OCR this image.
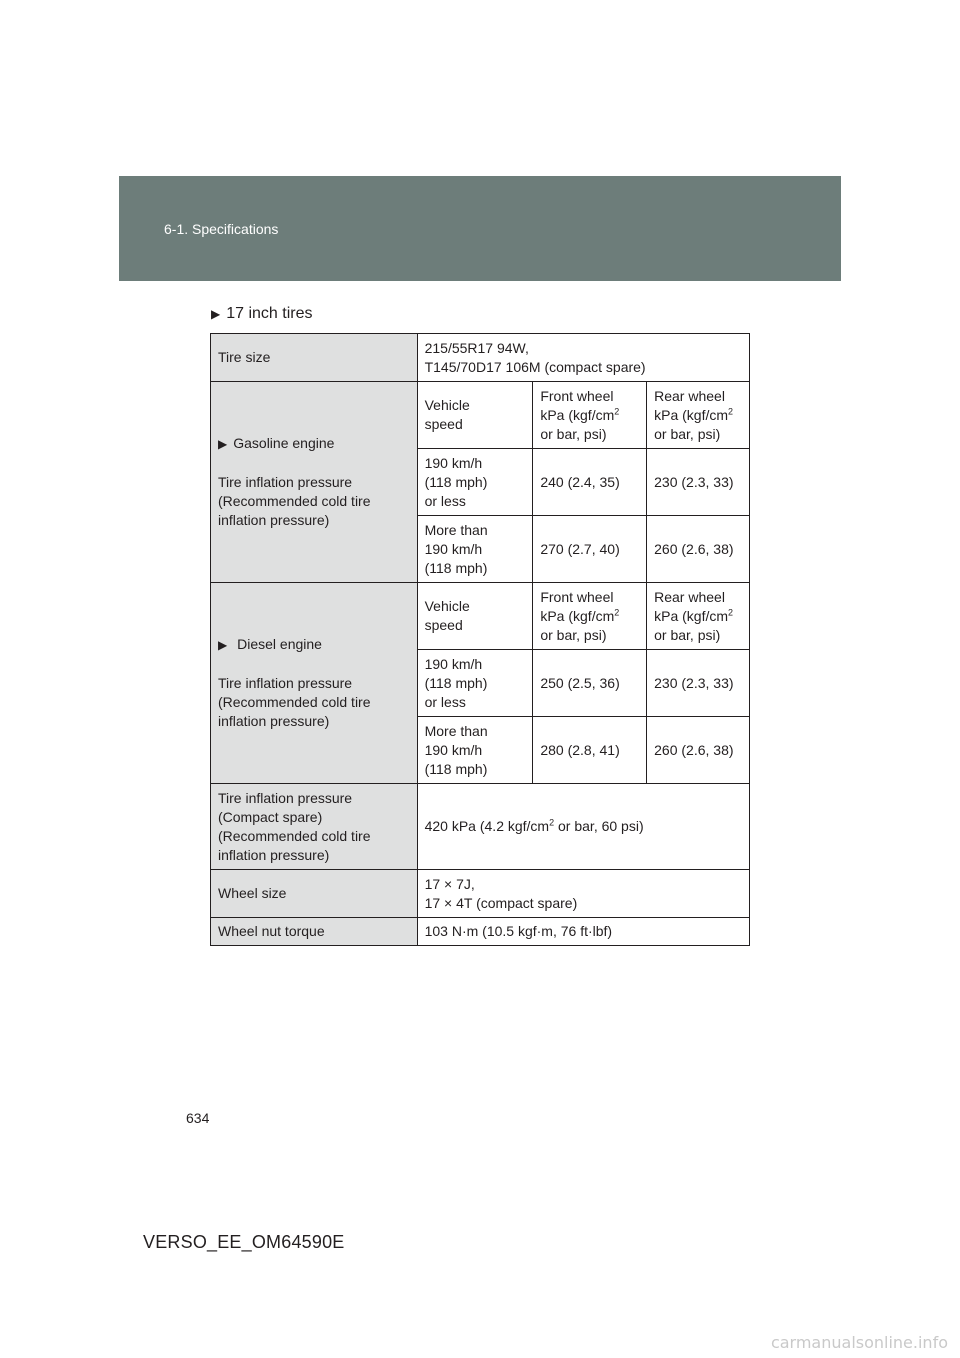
6-1. Specifications
▶ 17 inch tires
Tire size	215/55R17 94W,
T145/70D17 106M (compact spare)		

▶ Gasoline engine
Tire inflation pressure
(Recommended cold tire
inflation pressure)	Vehicle
speed	Front wheel
kPa ($kgf/cm^2$
or bar, psi)	Rear wheel
kPa ($kgf/cm^2$
or bar, psi)

	190 km/h
(118 mph)
or less	240 (2.4, 35)	230 (2.3, 33)

	More than
190 km/h
(118 mph)	270 (2.7, 40)	260 (2.6, 38)

▶ Diesel engine
Tire inflation pressure
(Recommended cold tire
inflation pressure)	Vehicle
speed	Front wheel
kPa ($kgf/cm^2$
or bar, psi)	Rear wheel
kPa ($kgf/cm^2$
or bar, psi)

	190 km/h
(118 mph)
or less	250 (2.5, 36)	230 (2.3, 33)

	More than
190 km/h
(118 mph)	280 (2.8, 41)	260 (2.6, 38)

Tire inflation pressure
(Compact spare)
(Recommended cold tire
inflation pressure)	420 kPa (4.2 kgf/$cm^2$ or bar, 60 psi)		
Wheel size	17 × 7J,
17 × 4T (compact spare)		

Wheel nut torque	103 N·m (10.5 kgf·m, 76 ft·lbf)		
634
VERSO_EE_OM64590E
carmanualsonline.info
